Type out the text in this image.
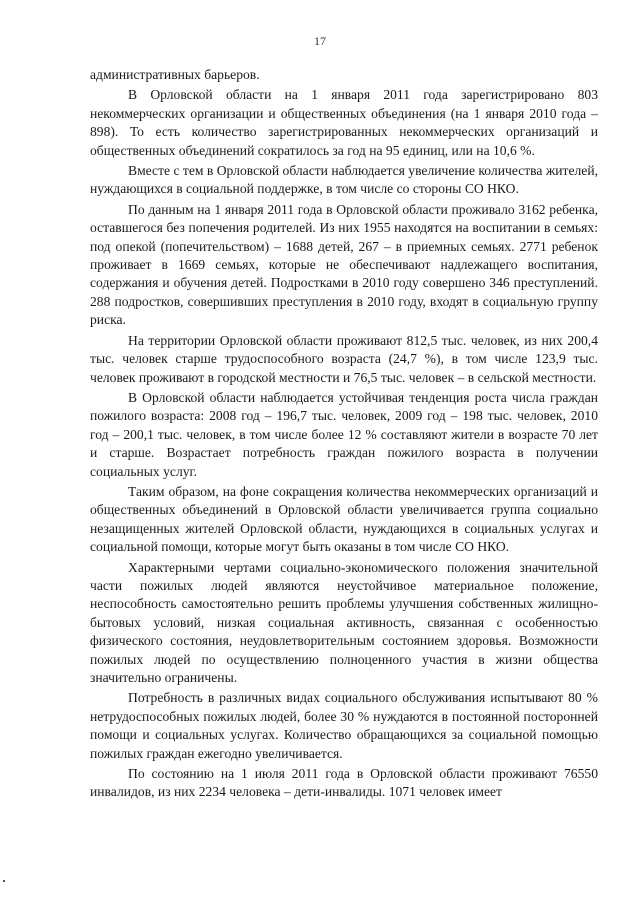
17

административных барьеров.

В Орловской области на 1 января 2011 года зарегистрировано 803 некоммерческих организации и общественных объединения (на 1 января 2010 года – 898). То есть количество зарегистрированных некоммерческих организаций и общественных объединений сократилось за год на 95 единиц, или на 10,6 %.

Вместе с тем в Орловской области наблюдается увеличение количества жителей, нуждающихся в социальной поддержке, в том числе со стороны СО НКО.

По данным на 1 января 2011 года в Орловской области проживало 3162 ребенка, оставшегося без попечения родителей. Из них 1955 находятся на воспитании в семьях: под опекой (попечительством) – 1688 детей, 267 – в приемных семьях. 2771 ребенок проживает в 1669 семьях, которые не обеспечивают надлежащего воспитания, содержания и обучения детей. Подростками в 2010 году совершено 346 преступлений. 288 подростков, совершивших преступления в 2010 году, входят в социальную группу риска.

На территории Орловской области проживают 812,5 тыс. человек, из них 200,4 тыс. человек старше трудоспособного возраста (24,7 %), в том числе 123,9 тыс. человек проживают в городской местности и 76,5 тыс. человек – в сельской местности.

В Орловской области наблюдается устойчивая тенденция роста числа граждан пожилого возраста: 2008 год – 196,7 тыс. человек, 2009 год – 198 тыс. человек, 2010 год – 200,1 тыс. человек, в том числе более 12 % составляют жители в возрасте 70 лет и старше. Возрастает потребность граждан пожилого возраста в получении социальных услуг.

Таким образом, на фоне сокращения количества некоммерческих организаций и общественных объединений в Орловской области увеличивается группа социально незащищенных жителей Орловской области, нуждающихся в социальных услугах и социальной помощи, которые могут быть оказаны в том числе СО НКО.

Характерными чертами социально-экономического положения значительной части пожилых людей являются неустойчивое материальное положение, неспособность самостоятельно решить проблемы улучшения собственных жилищно-бытовых условий, низкая социальная активность, связанная с особенностью физического состояния, неудовлетворительным состоянием здоровья. Возможности пожилых людей по осуществлению полноценного участия в жизни общества значительно ограничены.

Потребность в различных видах социального обслуживания испытывают 80 % нетрудоспособных пожилых людей, более 30 % нуждаются в постоянной посторонней помощи и социальных услугах. Количество обращающихся за социальной помощью пожилых граждан ежегодно увеличивается.

По состоянию на 1 июля 2011 года в Орловской области проживают 76550 инвалидов, из них 2234 человека – дети-инвалиды. 1071 человек имеет
